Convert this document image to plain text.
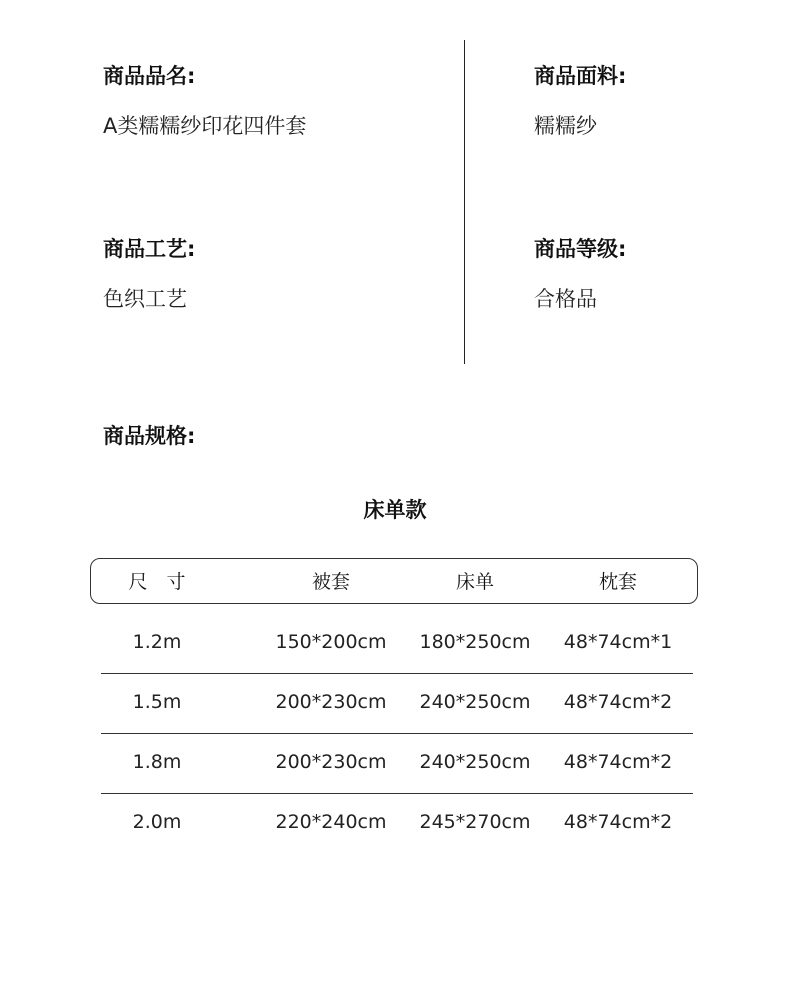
商品品名:
A类糯糯纱印花四件套
商品面料:
糯糯纱
商品工艺:
色织工艺
商品等级:
合格品
商品规格:
床单款
尺　寸	被套	床单	枕套
1.2m	150*200cm 180*250cm 48*74cm*1
1.5m	200*230cm 240*250cm 48*74cm*2
1.8m	200*230cm 240*250cm 48*74cm*2
2.0m	220*240cm 245*270cm 48*74cm*2
